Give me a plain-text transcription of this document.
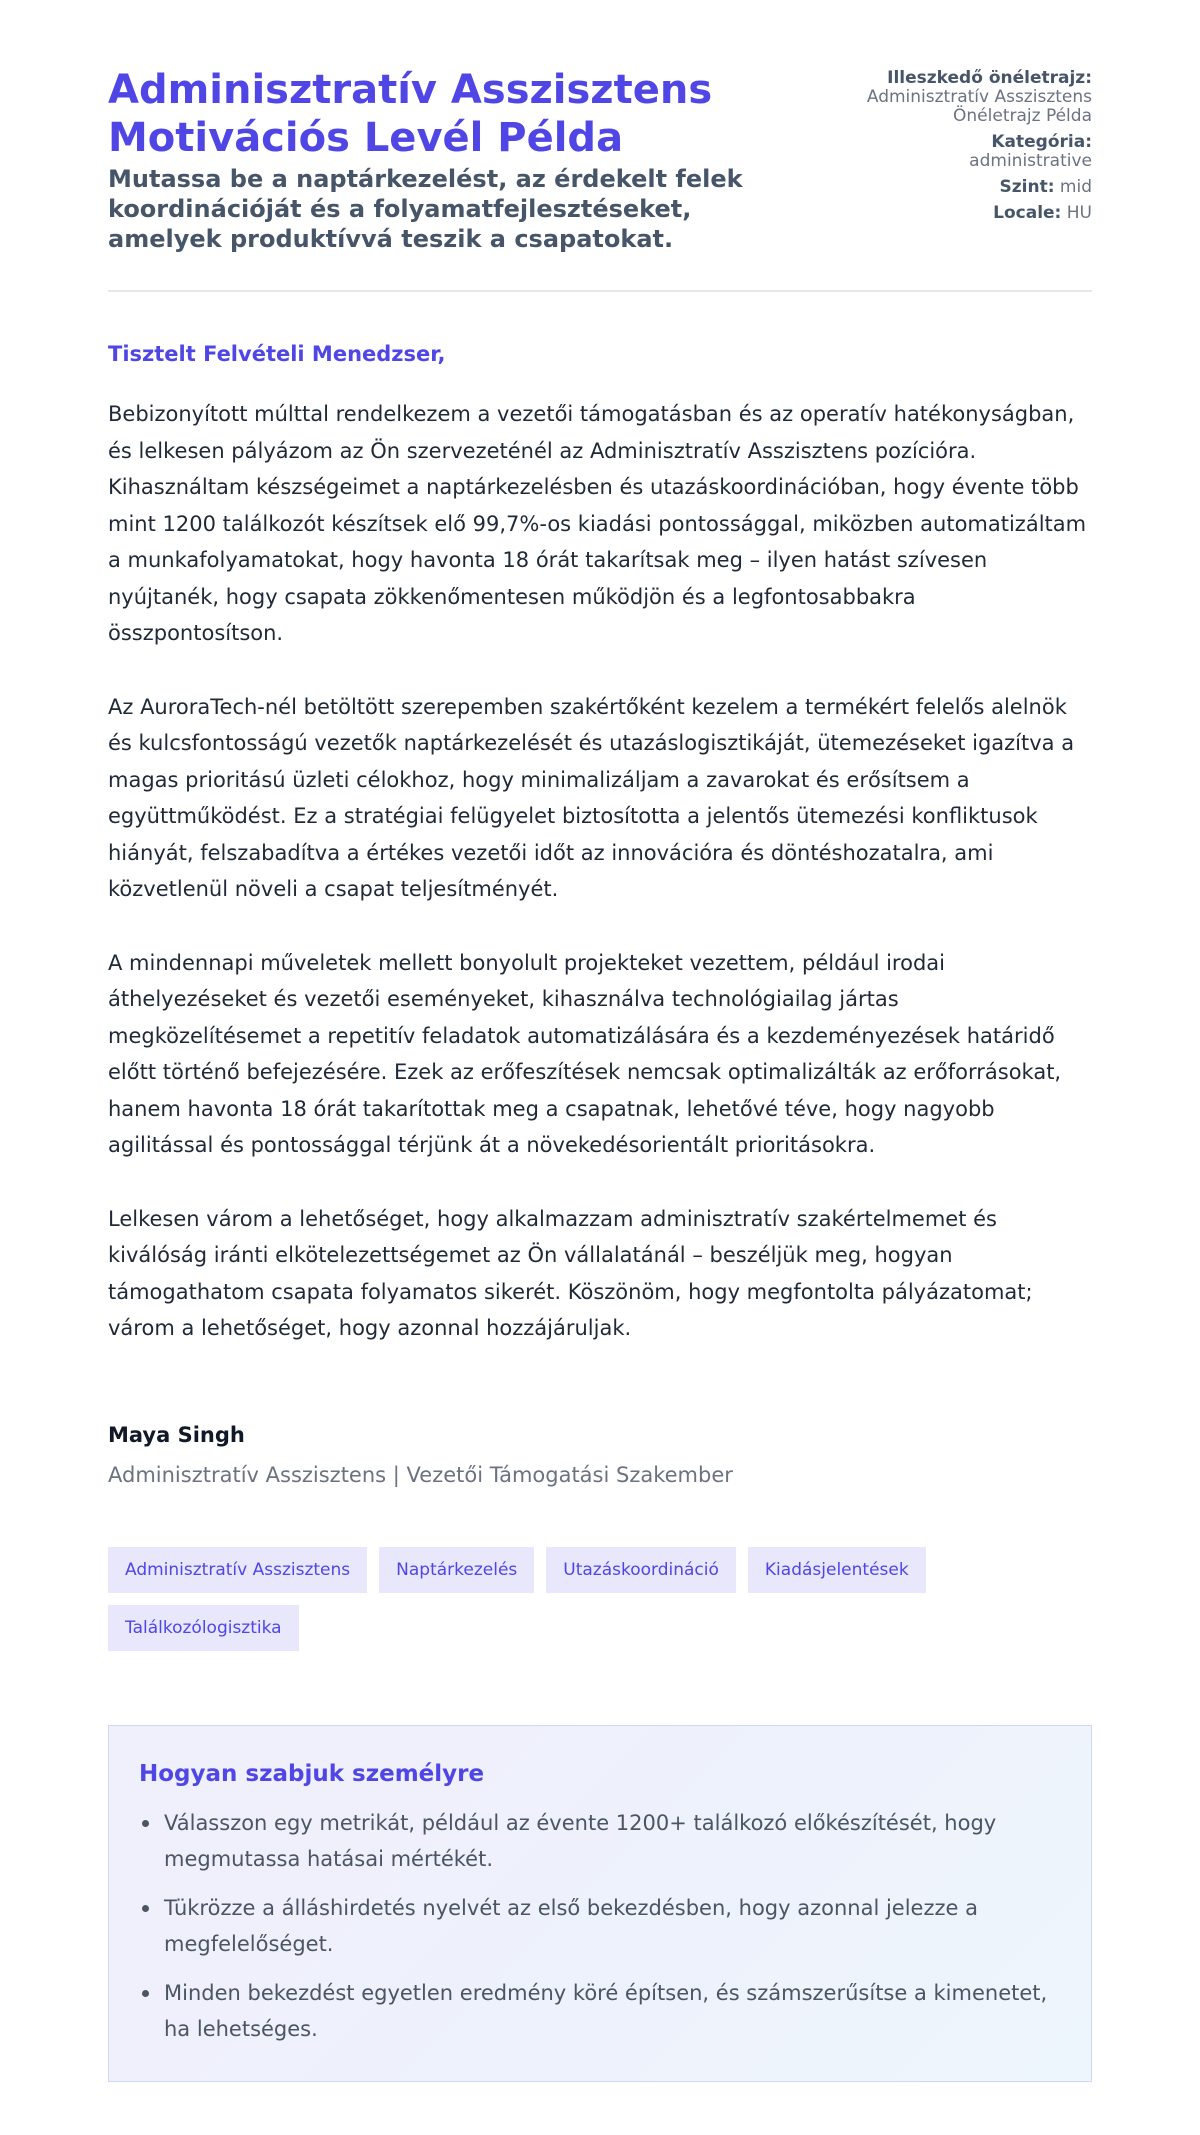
Adminisztratív Asszisztens
Motivációs Levél Példa
Mutassa be a naptárkezelést, az érdekelt felek koordinációját és a folyamatfejlesztéseket, amelyek produktívvá teszik a csapatokat.
Illeszkedő önéletrajz:
Adminisztratív Asszisztens Önéletrajz Példa
Kategória:
administrative
Szint: mid
Locale: HU

Tisztelt Felvételi Menedzser,

Bebizonyított múlttal rendelkezem a vezetői támogatásban és az operatív hatékonyságban, és lelkesen pályázom az Ön szervezeténél az Adminisztratív Asszisztens pozícióra. Kihasználtam készségeimet a naptárkezelésben és utazáskoordinációban, hogy évente több mint 1200 találkozót készítsek elő 99,7%-os kiadási pontossággal, miközben automatizáltam a munkafolyamatokat, hogy havonta 18 órát takarítsak meg – ilyen hatást szívesen nyújtanék, hogy csapata zökkenőmentesen működjön és a legfontosabbakra összpontosítson.

Az AuroraTech-nél betöltött szerepemben szakértőként kezelem a termékért felelős alelnök és kulcsfontosságú vezetők naptárkezelését és utazáslogisztikáját, ütemezéseket igazítva a magas prioritású üzleti célokhoz, hogy minimalizáljam a zavarokat és erősítsem a együttműködést. Ez a stratégiai felügyelet biztosította a jelentős ütemezési konfliktusok hiányát, felszabadítva a értékes vezetői időt az innovációra és döntéshozatalra, ami közvetlenül növeli a csapat teljesítményét.

A mindennapi műveletek mellett bonyolult projekteket vezettem, például irodai áthelyezéseket és vezetői eseményeket, kihasználva technológiailag jártas megközelítésemet a repetitív feladatok automatizálására és a kezdeményezések határidő előtt történő befejezésére. Ezek az erőfeszítések nemcsak optimalizálták az erőforrásokat, hanem havonta 18 órát takarítottak meg a csapatnak, lehetővé téve, hogy nagyobb agilitással és pontossággal térjünk át a növekedésorientált prioritásokra.

Lelkesen várom a lehetőséget, hogy alkalmazzam adminisztratív szakértelmemet és kiválóság iránti elkötelezettségemet az Ön vállalatánál – beszéljük meg, hogyan támogathatom csapata folyamatos sikerét. Köszönöm, hogy megfontolta pályázatomat; várom a lehetőséget, hogy azonnal hozzájáruljak.

Maya Singh
Adminisztratív Asszisztens | Vezetői Támogatási Szakember
Adminisztratív Asszisztens	Naptárkezelés	Utazáskoordináció	Kiadásjelentések
Találkozólogisztika
Hogyan szabjuk személyre
Válasszon egy metrikát, például az évente 1200+ találkozó előkészítését, hogy megmutassa hatásai mértékét.
Tükrözze a álláshirdetés nyelvét az első bekezdésben, hogy azonnal jelezze a megfelelőséget.
Minden bekezdést egyetlen eredmény köré építsen, és számszerűsítse a kimenetet, ha lehetséges.
